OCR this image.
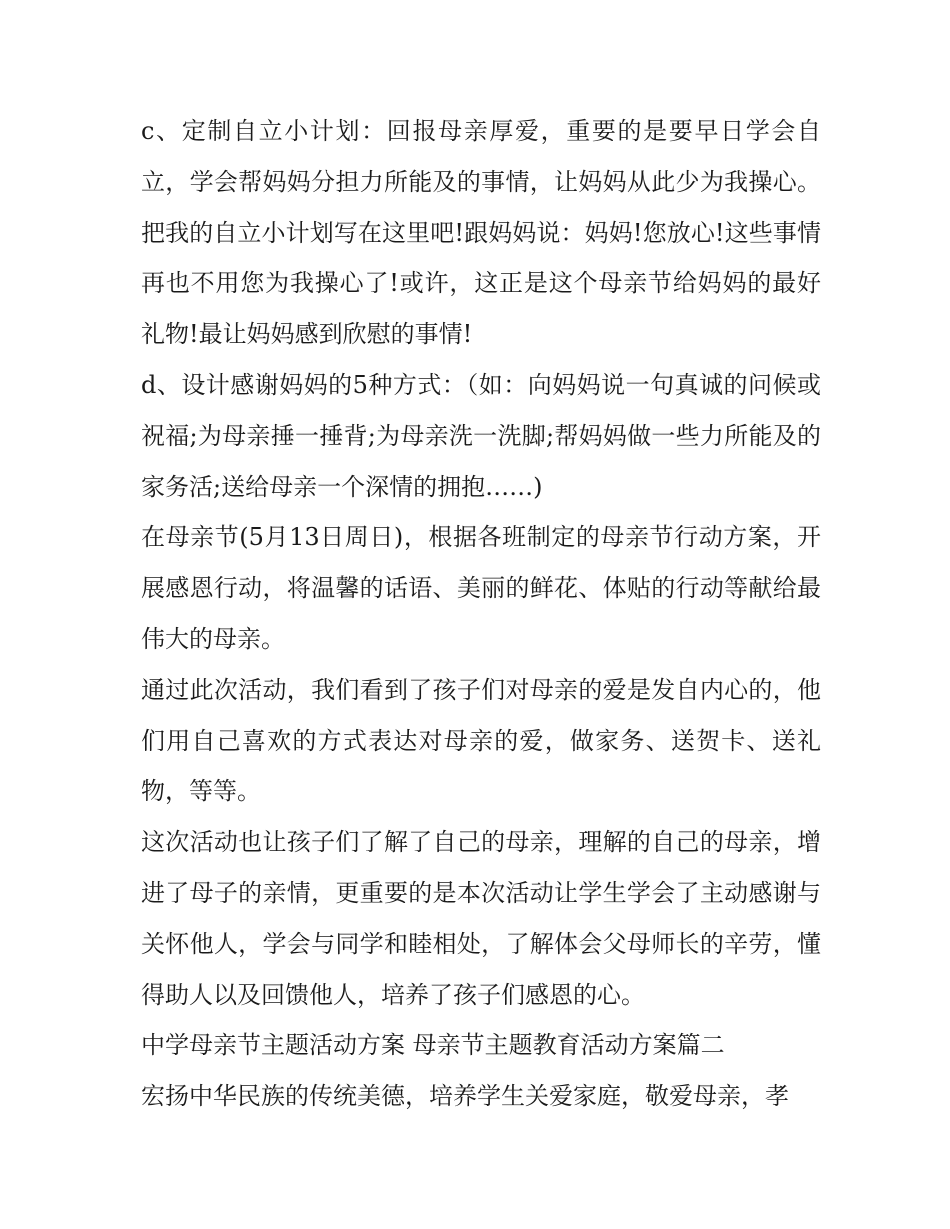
c、定制自立小计划：回报母亲厚爱，重要的是要早日学会自立，学会帮妈妈分担力所能及的事情，让妈妈从此少为我操心。把我的自立小计划写在这里吧!跟妈妈说：妈妈!您放心!这些事情再也不用您为我操心了!或许，这正是这个母亲节给妈妈的最好礼物!最让妈妈感到欣慰的事情!

d、设计感谢妈妈的5种方式：（如：向妈妈说一句真诚的问候或祝福;为母亲捶一捶背;为母亲洗一洗脚;帮妈妈做一些力所能及的家务活;送给母亲一个深情的拥抱……)

在母亲节(5月13日周日)，根据各班制定的母亲节行动方案，开展感恩行动，将温馨的话语、美丽的鲜花、体贴的行动等献给最伟大的母亲。

通过此次活动，我们看到了孩子们对母亲的爱是发自内心的，他们用自己喜欢的方式表达对母亲的爱，做家务、送贺卡、送礼物，等等。

这次活动也让孩子们了解了自己的母亲，理解的自己的母亲，增进了母子的亲情，更重要的是本次活动让学生学会了主动感谢与关怀他人，学会与同学和睦相处，了解体会父母师长的辛劳，懂得助人以及回馈他人，培养了孩子们感恩的心。

中学母亲节主题活动方案 母亲节主题教育活动方案篇二

宏扬中华民族的传统美德，培养学生关爱家庭，敬爱母亲，孝
